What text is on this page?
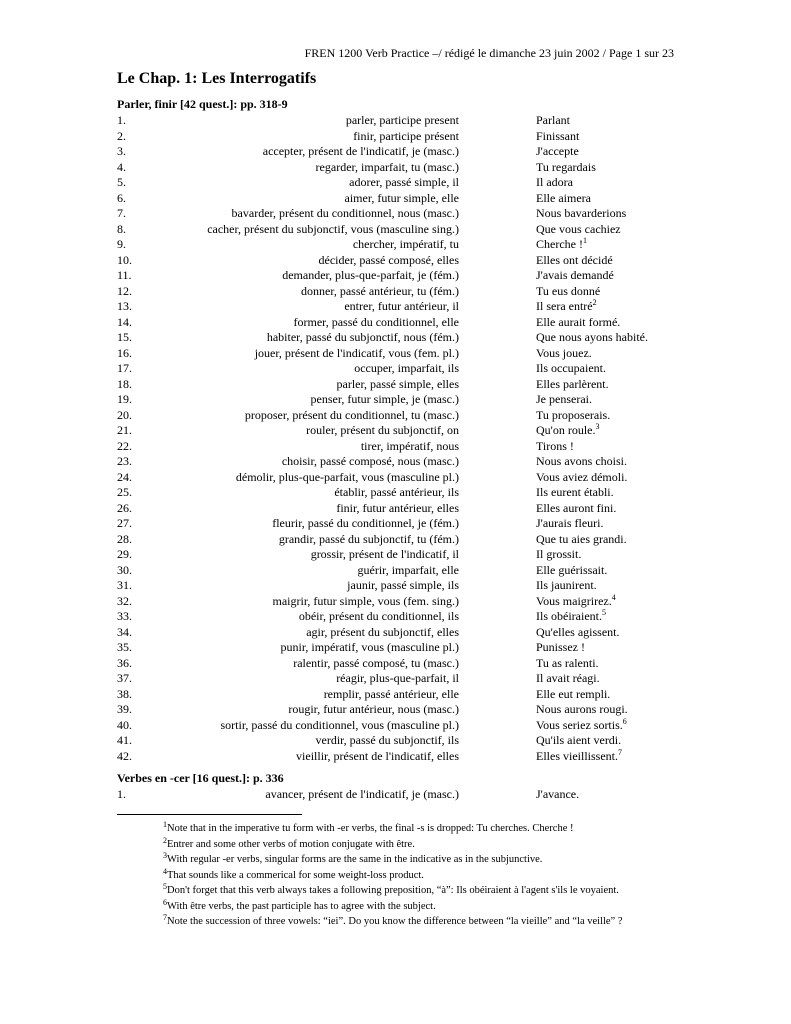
FREN 1200 Verb Practice –/ rédigé le dimanche 23 juin 2002 / Page 1 sur 23
Le Chap. 1: Les Interrogatifs
Parler, finir [42 quest.]: pp. 318-9
1.	parler, participe present	Parlant
2.	finir, participe présent	Finissant
3.	accepter, présent de l'indicatif, je (masc.)	J'accepte
4.	regarder, imparfait, tu (masc.)	Tu regardais
5.	adorer, passé simple, il	Il adora
6.	aimer, futur simple, elle	Elle aimera
7.	bavarder, présent du conditionnel, nous (masc.)	Nous bavarderions
8.	cacher, présent du subjonctif, vous (masculine sing.)	Que vous cachiez
9.	chercher, impératif, tu	Cherche !$^1$
10.	décider, passé composé, elles	Elles ont décidé
11.	demander, plus-que-parfait, je (fém.)	J'avais demandé
12.	donner, passé antérieur, tu (fém.)	Tu eus donné
13.	entrer, futur antérieur, il	Il sera entré$^2$
14.	former, passé du conditionnel, elle	Elle aurait formé.
15.	habiter, passé du subjonctif, nous (fém.)	Que nous ayons habité.
16.	jouer, présent de l'indicatif, vous (fem. pl.)	Vous jouez.
17.	occuper, imparfait, ils	Ils occupaient.
18.	parler, passé simple, elles	Elles parlèrent.
19.	penser, futur simple, je (masc.)	Je penserai.
20.	proposer, présent du conditionnel, tu (masc.)	Tu proposerais.
21.	rouler, présent du subjonctif, on	Qu'on roule.$^3$
22.	tirer, impératif, nous	Tirons !
23.	choisir, passé composé, nous (masc.)	Nous avons choisi.
24.	démolir, plus-que-parfait, vous (masculine pl.)	Vous aviez démoli.
25.	établir, passé antérieur, ils	Ils eurent établi.
26.	finir, futur antérieur, elles	Elles auront fini.
27.	fleurir, passé du conditionnel, je (fém.)	J'aurais fleuri.
28.	grandir, passé du subjonctif, tu (fém.)	Que tu aies grandi.
29.	grossir, présent de l'indicatif, il	Il grossit.
30.	guérir, imparfait, elle	Elle guérissait.
31.	jaunir, passé simple, ils	Ils jaunirent.
32.	maigrir, futur simple, vous (fem. sing.)	Vous maigrirez.$^4$
33.	obéir, présent du conditionnel, ils	Ils obéiraient.$^5$
34.	agir, présent du subjonctif, elles	Qu'elles agissent.
35.	punir, impératif, vous (masculine pl.)	Punissez !
36.	ralentir, passé composé, tu (masc.)	Tu as ralenti.
37.	réagir, plus-que-parfait, il	Il avait réagi.
38.	remplir, passé antérieur, elle	Elle eut rempli.
39.	rougir, futur antérieur, nous (masc.)	Nous aurons rougi.
40.	sortir, passé du conditionnel, vous (masculine pl.)	Vous seriez sortis.$^6$
41.	verdir, passé du subjonctif, ils	Qu'ils aient verdi.
42.	vieillir, présent de l'indicatif, elles	Elles vieillissent.$^7$
Verbes en -cer [16 quest.]: p. 336
1.	avancer, présent de l'indicatif, je (masc.)	J'avance.
$^1$Note that in the imperative tu form with -er verbs, the final -s is dropped: Tu cherches. Cherche !
$^2$Entrer and some other verbs of motion conjugate with être.
$^3$With regular -er verbs, singular forms are the same in the indicative as in the subjunctive.
$^4$That sounds like a commerical for some weight-loss product.
$^5$Don't forget that this verb always takes a following preposition, “à”: Ils obéiraient à l'agent s'ils le voyaient.
$^6$With être verbs, the past participle has to agree with the subject.
$^7$Note the succession of three vowels: “iei”. Do you know the difference between “la vieille” and “la veille” ?
